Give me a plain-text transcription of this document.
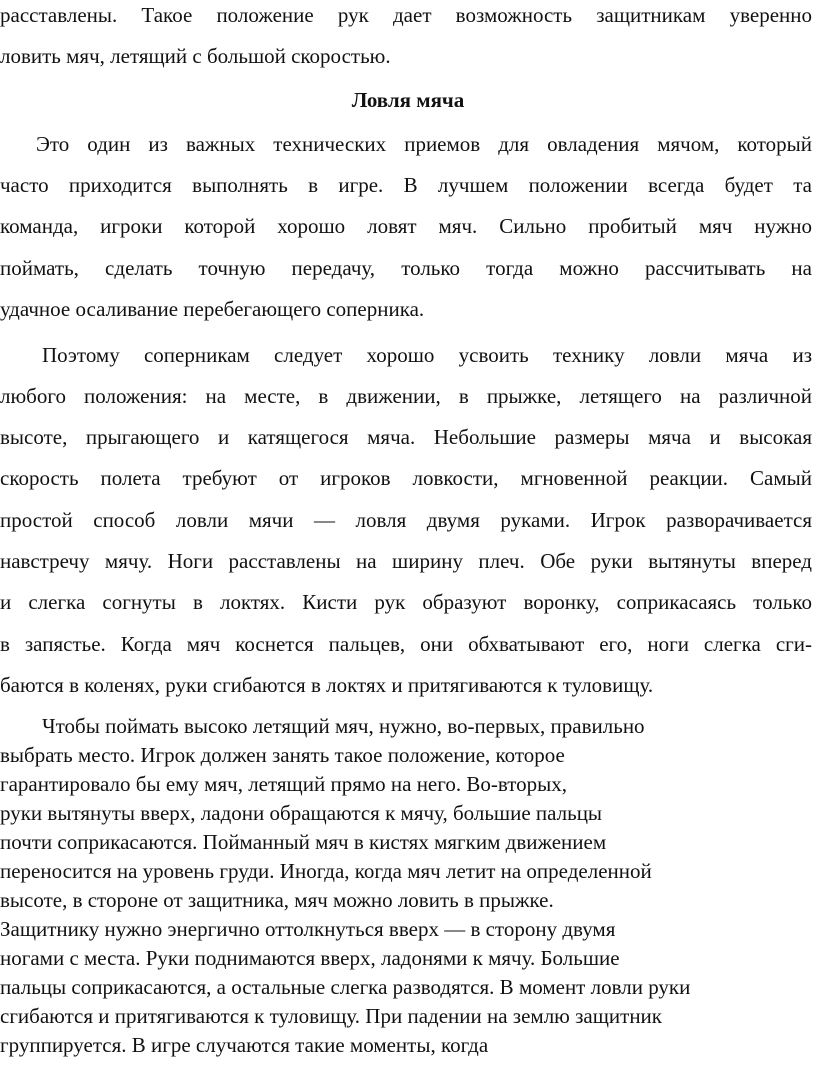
расставлены. Такое положение рук дает возможность защитникам уверенно
ловить мяч, летящий с большой скоростью.
Ловля мяча
Это один из важных технических приемов для овладения мячом, который
часто приходится выполнять в игре. В лучшем положении всегда будет та
команда, игроки которой хорошо ловят мяч. Сильно пробитый мяч нужно
поймать, сделать точную передачу, только тогда можно рассчитывать на
удачное осаливание перебегающего соперника.
Поэтому соперникам следует хорошо усвоить технику ловли мяча из
любого положения: на месте, в движении, в прыжке, летящего на различной
высоте, прыгающего и катящегося мяча. Небольшие размеры мяча и высокая
скорость полета требуют от игроков ловкости, мгновенной реакции. Самый
простой способ ловли мячи — ловля двумя руками. Игрок разворачивается
навстречу мячу. Ноги расставлены на ширину плеч. Обе руки вытянуты вперед
и слегка согнуты в локтях. Кисти рук образуют воронку, соприкасаясь только
в запястье. Когда мяч коснется пальцев, они обхватывают его, ноги слегка сги-
баются в коленях, руки сгибаются в локтях и притягиваются к туловищу.
Чтобы поймать высоко летящий мяч, нужно, во-первых, правильно
выбрать место. Игрок должен занять такое положение, которое
гарантировало бы ему мяч, летящий прямо на него. Во-вторых,
руки вытянуты вверх, ладони обращаются к мячу, большие пальцы
почти соприкасаются. Пойманный мяч в кистях мягким движением
переносится на уровень груди. Иногда, когда мяч летит на определенной
высоте, в стороне от защитника, мяч можно ловить в прыжке.
Защитнику нужно энергично оттолкнуться вверх — в сторону двумя
ногами с места. Руки поднимаются вверх, ладонями к мячу. Большие
пальцы соприкасаются, а остальные слегка разводятся. В момент ловли руки
сгибаются и притягиваются к туловищу. При падении на землю защитник
группируется. В игре случаются такие моменты, когда
